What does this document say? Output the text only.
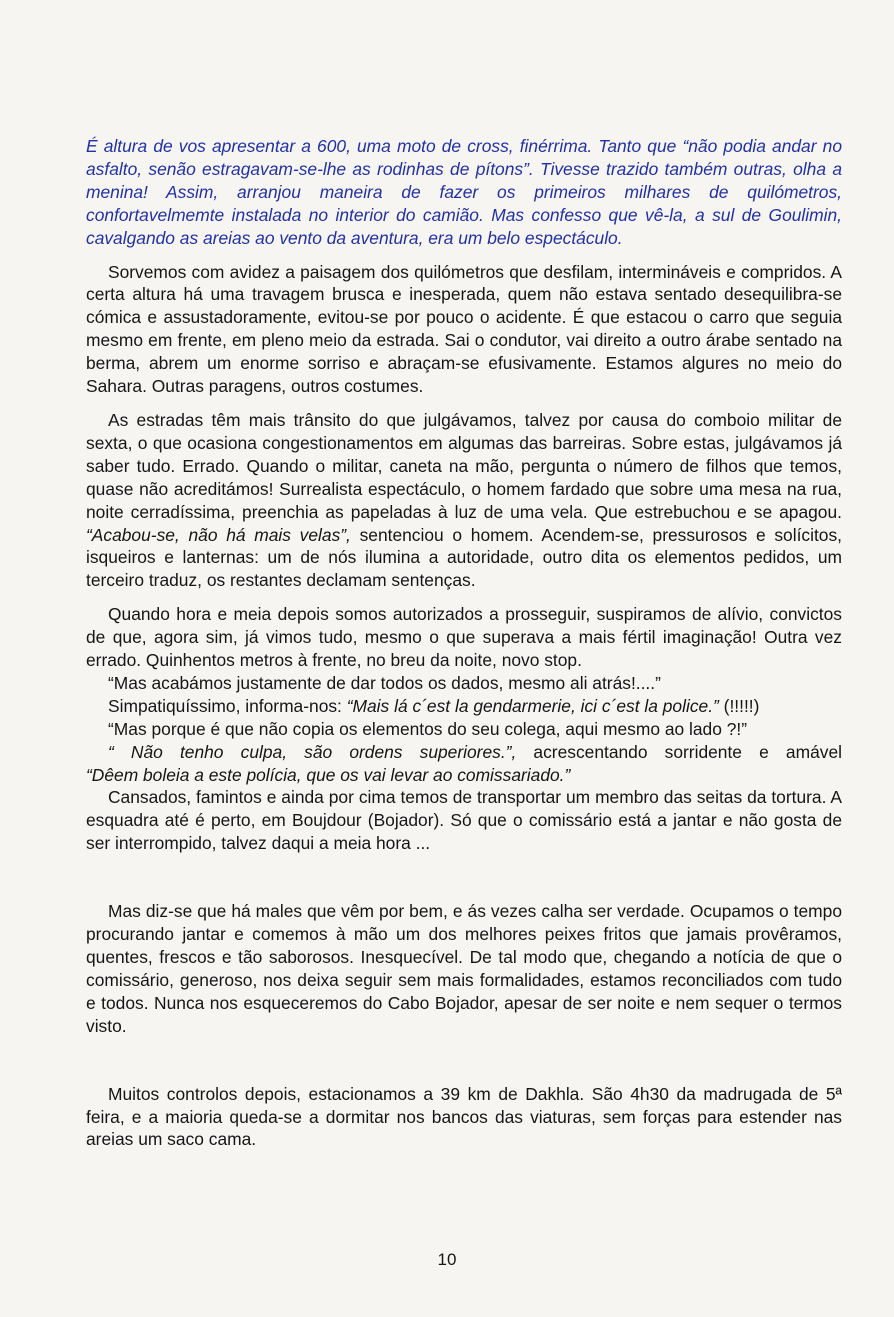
É altura de vos apresentar a 600, uma moto de cross, finérrima. Tanto que “não podia andar no asfalto, senão estragavam-se-lhe as rodinhas de pítons”. Tivesse trazido também outras, olha a menina! Assim, arranjou maneira de fazer os primeiros milhares de quilómetros, confortavelmemte instalada no interior do camião. Mas confesso que vê-la, a sul de Goulimin, cavalgando as areias ao vento da aventura, era um belo espectáculo.

Sorvemos com avidez a paisagem dos quilómetros que desfilam, intermináveis e compridos. A certa altura há uma travagem brusca e inesperada, quem não estava sentado desequilibra-se cómica e assustadoramente, evitou-se por pouco o acidente. É que estacou o carro que seguia mesmo em frente, em pleno meio da estrada. Sai o condutor, vai direito a outro árabe sentado na berma, abrem um enorme sorriso e abraçam-se efusivamente. Estamos algures no meio do Sahara. Outras paragens, outros costumes.

As estradas têm mais trânsito do que julgávamos, talvez por causa do comboio militar de sexta, o que ocasiona congestionamentos em algumas das barreiras. Sobre estas, julgávamos já saber tudo. Errado. Quando o militar, caneta na mão, pergunta o número de filhos que temos, quase não acreditámos! Surrealista espectáculo, o homem fardado que sobre uma mesa na rua, noite cerradíssima, preenchia as papeladas à luz de uma vela. Que estrebuchou e se apagou. “Acabou-se, não há mais velas”, sentenciou o homem. Acendem-se, pressurosos e solícitos, isqueiros e lanternas: um de nós ilumina a autoridade, outro dita os elementos pedidos, um terceiro traduz, os restantes declamam sentenças.

Quando hora e meia depois somos autorizados a prosseguir, suspiramos de alívio, convictos de que, agora sim, já vimos tudo, mesmo o que superava a mais fértil imaginação! Outra vez errado. Quinhentos metros à frente, no breu da noite, novo stop.

“Mas acabámos justamente de dar todos os dados, mesmo ali atrás!....”

Simpatiquíssimo, informa-nos: “Mais lá c´est la gendarmerie, ici c´est la police.” (!!!!!)

“Mas porque é que não copia os elementos do seu colega, aqui mesmo ao lado ?!”

“ Não tenho culpa, são ordens superiores.”, acrescentando sorridente e amável

“Dêem boleia a este polícia, que os vai levar ao comissariado.”

Cansados, famintos e ainda por cima temos de transportar um membro das seitas da tortura. A esquadra até é perto, em Boujdour (Bojador). Só que o comissário está a jantar e não gosta de ser interrompido, talvez daqui a meia hora ...

Mas diz-se que há males que vêm por bem, e ás vezes calha ser verdade. Ocupamos o tempo procurando jantar e comemos à mão um dos melhores peixes fritos que jamais provêramos, quentes, frescos e tão saborosos. Inesquecível. De tal modo que, chegando a notícia de que o comissário, generoso, nos deixa seguir sem mais formalidades, estamos reconciliados com tudo e todos. Nunca nos esqueceremos do Cabo Bojador, apesar de ser noite e nem sequer o termos visto.

Muitos controlos depois, estacionamos a 39 km de Dakhla. São 4h30 da madrugada de 5ª feira, e a maioria queda-se a dormitar nos bancos das viaturas, sem forças para estender nas areias um saco cama.

10
